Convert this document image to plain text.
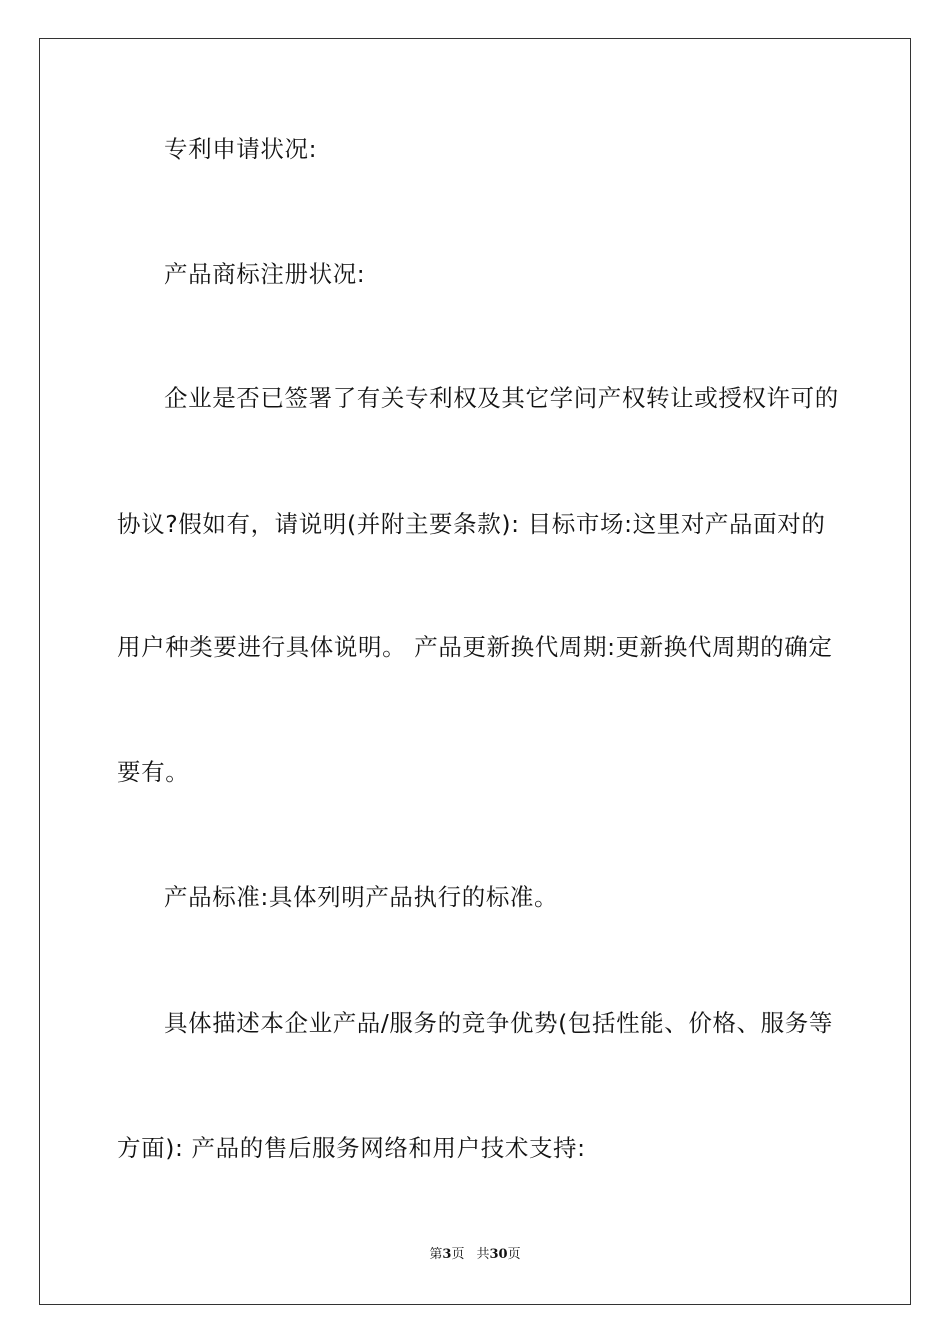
专利申请状况:
产品商标注册状况:
企业是否已签署了有关专利权及其它学问产权转让或授权许可的
协议?假如有，请说明(并附主要条款): 目标市场:这里对产品面对的
用户种类要进行具体说明。 产品更新换代周期:更新换代周期的确定
要有。
产品标准:具体列明产品执行的标准。
具体描述本企业产品/服务的竞争优势(包括性能、价格、服务等
方面): 产品的售后服务网络和用户技术支持:
第3页 共30页
